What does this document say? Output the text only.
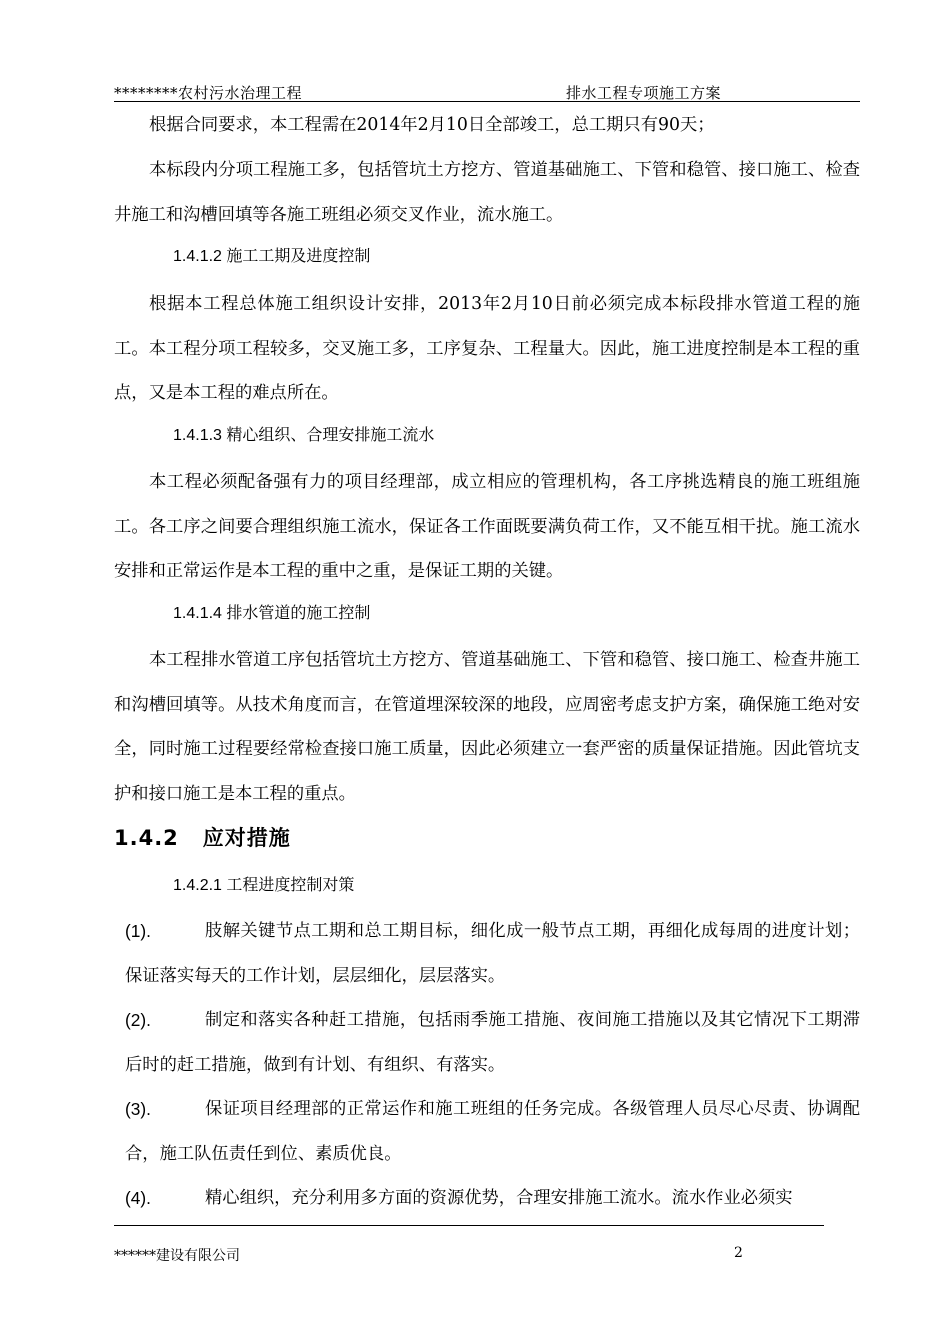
********农村污水治理工程	排水工程专项施工方案

根据合同要求，本工程需在2014年2月10日全部竣工，总工期只有90天；

本标段内分项工程施工多，包括管坑土方挖方、管道基础施工、下管和稳管、接口施工、检查井施工和沟槽回填等各施工班组必须交叉作业，流水施工。

1.4.1.2 施工工期及进度控制

根据本工程总体施工组织设计安排，2013年2月10日前必须完成本标段排水管道工程的施工。本工程分项工程较多，交叉施工多，工序复杂、工程量大。因此，施工进度控制是本工程的重点，又是本工程的难点所在。

1.4.1.3 精心组织、合理安排施工流水

本工程必须配备强有力的项目经理部，成立相应的管理机构，各工序挑选精良的施工班组施工。各工序之间要合理组织施工流水，保证各工作面既要满负荷工作，又不能互相干扰。施工流水安排和正常运作是本工程的重中之重，是保证工期的关键。

1.4.1.4 排水管道的施工控制

本工程排水管道工序包括管坑土方挖方、管道基础施工、下管和稳管、接口施工、检查井施工和沟槽回填等。从技术角度而言，在管道埋深较深的地段，应周密考虑支护方案，确保施工绝对安全，同时施工过程要经常检查接口施工质量，因此必须建立一套严密的质量保证措施。因此管坑支护和接口施工是本工程的重点。

1.4.2 应对措施

1.4.2.1 工程进度控制对策

(1).	肢解关键节点工期和总工期目标，细化成一般节点工期，再细化成每周的进度计划；保证落实每天的工作计划，层层细化，层层落实。
(2).	制定和落实各种赶工措施，包括雨季施工措施、夜间施工措施以及其它情况下工期滞后时的赶工措施，做到有计划、有组织、有落实。
(3).	保证项目经理部的正常运作和施工班组的任务完成。各级管理人员尽心尽责、协调配合，施工队伍责任到位、素质优良。
(4).	精心组织，充分利用多方面的资源优势，合理安排施工流水。流水作业必须实
******建设有限公司	2
